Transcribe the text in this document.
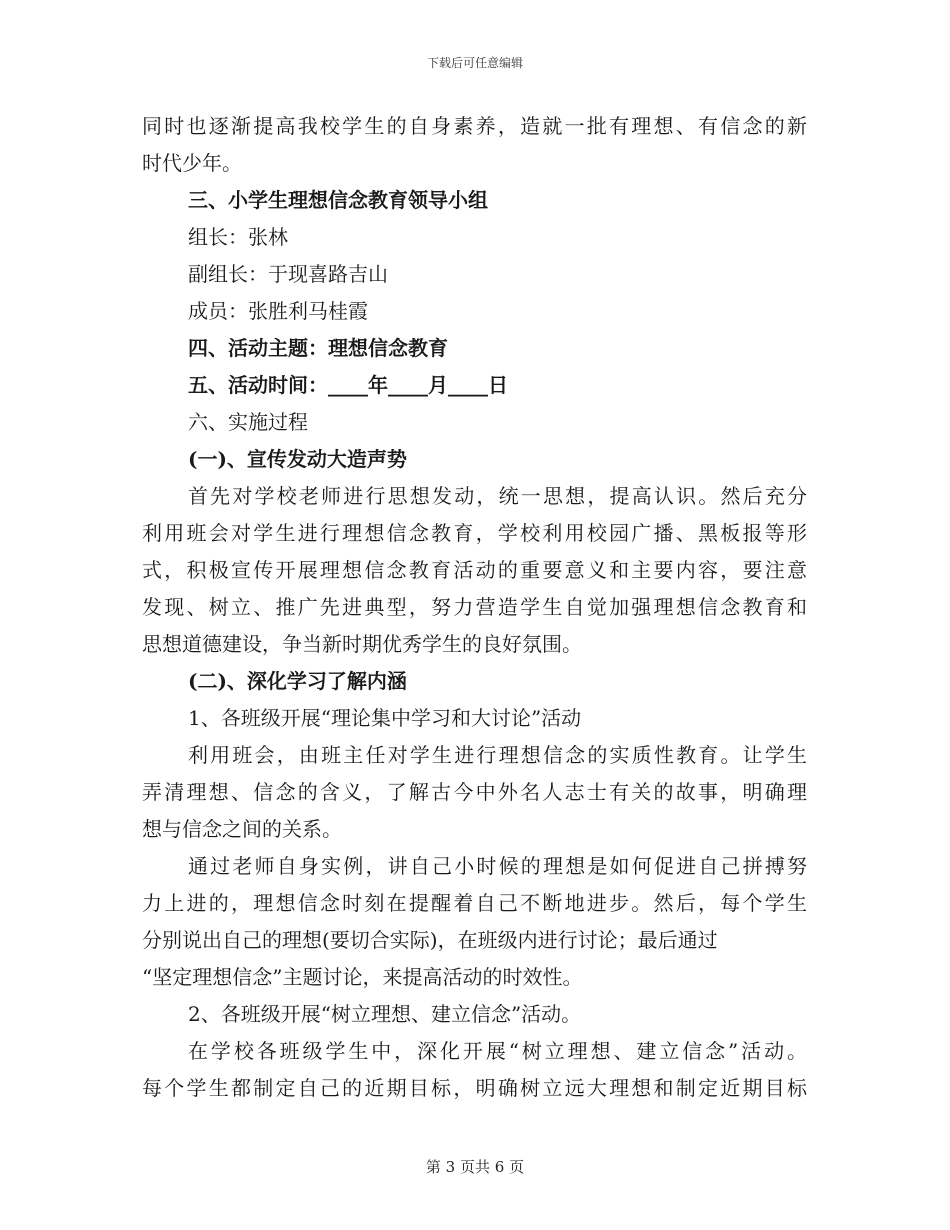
下载后可任意编辑
同时也逐渐提高我校学生的自身素养，造就一批有理想、有信念的新
时代少年。
三、小学生理想信念教育领导小组
组长：张林
副组长：于现喜路吉山
成员：张胜利马桂霞
四、活动主题：理想信念教育
五、活动时间：____年____月____日
六、实施过程
(一)、宣传发动大造声势
首先对学校老师进行思想发动，统一思想，提高认识。然后充分
利用班会对学生进行理想信念教育，学校利用校园广播、黑板报等形
式，积极宣传开展理想信念教育活动的重要意义和主要内容，要注意
发现、树立、推广先进典型，努力营造学生自觉加强理想信念教育和
思想道德建设，争当新时期优秀学生的良好氛围。
(二)、深化学习了解内涵
1、各班级开展“理论集中学习和大讨论”活动
利用班会，由班主任对学生进行理想信念的实质性教育。让学生
弄清理想、信念的含义，了解古今中外名人志士有关的故事，明确理
想与信念之间的关系。
通过老师自身实例，讲自己小时候的理想是如何促进自己拼搏努
力上进的，理想信念时刻在提醒着自己不断地进步。然后，每个学生
分别说出自己的理想(要切合实际)，在班级内进行讨论；最后通过
“坚定理想信念”主题讨论，来提高活动的时效性。
2、各班级开展“树立理想、建立信念”活动。
在学校各班级学生中，深化开展“树立理想、建立信念”活动。
每个学生都制定自己的近期目标，明确树立远大理想和制定近期目标
第 3 页共 6 页
